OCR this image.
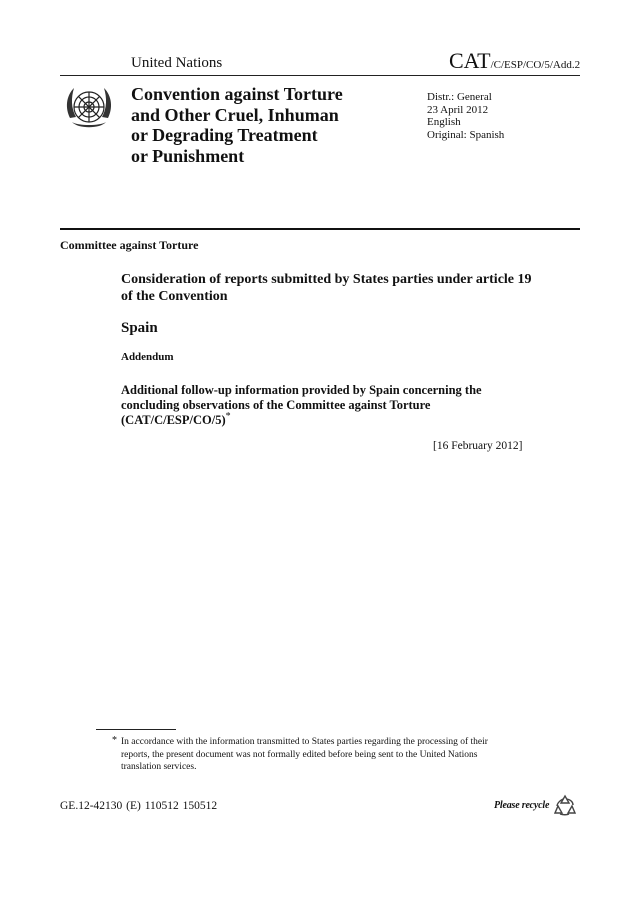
United Nations	CAT/C/ESP/CO/5/Add.2
Convention against Torture
and Other Cruel, Inhuman
or Degrading Treatment
or Punishment
Distr.: General
23 April 2012
English
Original: Spanish
Committee against Torture
Consideration of reports submitted by States parties under article 19 of the Convention
Spain
Addendum
Additional follow-up information provided by Spain concerning the concluding observations of the Committee against Torture (CAT/C/ESP/CO/5)*
[16 February 2012]
* In accordance with the information transmitted to States parties regarding the processing of their reports, the present document was not formally edited before being sent to the United Nations translation services.
GE.12-42130 (E) 110512 150512	Please recycle
